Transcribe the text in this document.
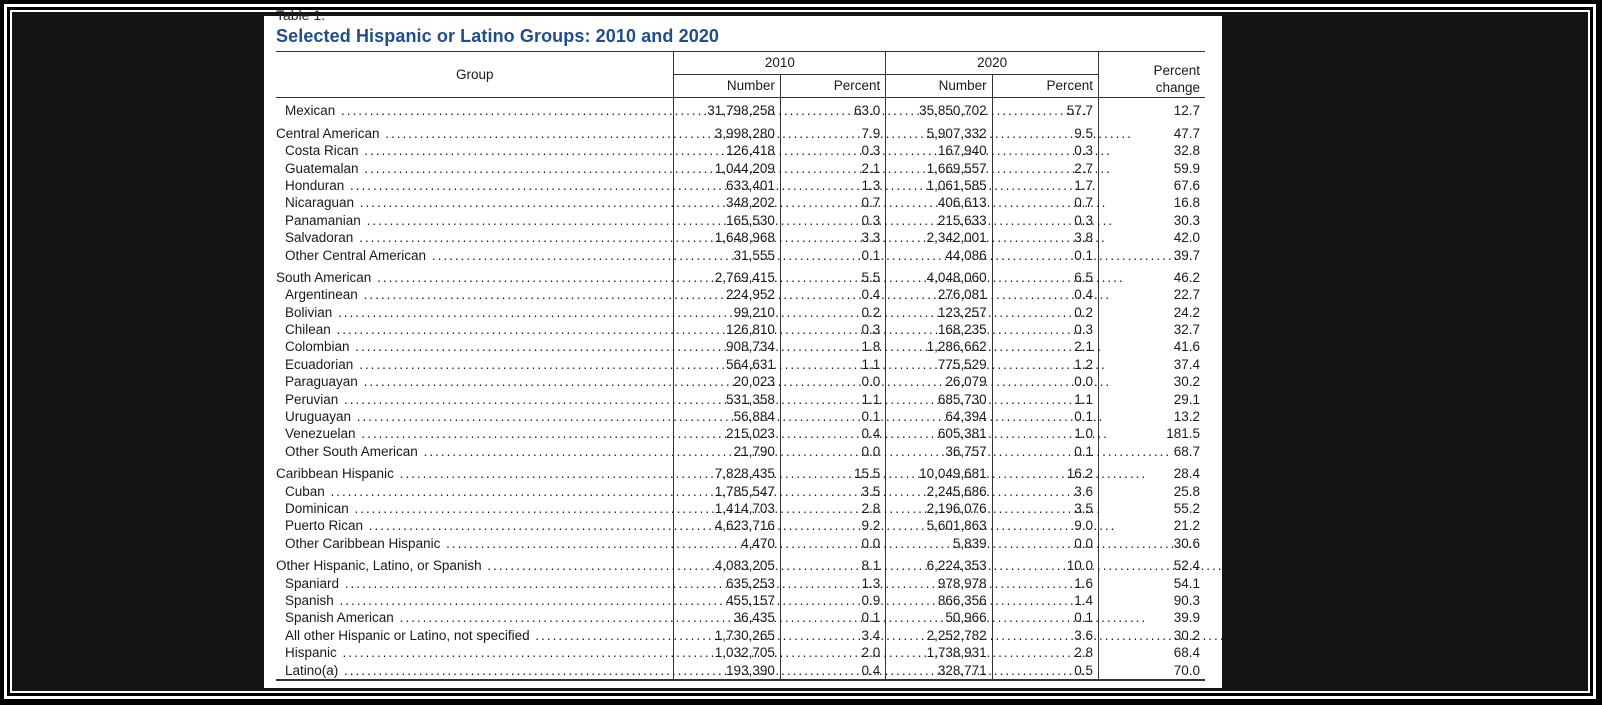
Table 1.
Selected Hispanic or Latino Groups: 2010 and 2020
Group	2010		2020		Percent
change
	Number	Percent	Number	Percent	
Mexican .....	31,798,258	63.0	35,850,702	57.7	12.7
Central American .....	3,998,280	7.9	5,907,332	9.5	47.7
Costa Rican .....	126,418	0.3	167,940	0.3	32.8
Guatemalan .....	1,044,209	2.1	1,669,557	2.7	59.9
Honduran .....	633,401	1.3	1,061,585	1.7	67.6
Nicaraguan .....	348,202	0.7	406,613	0.7	16.8
Panamanian .....	165,530	0.3	215,633	0.3	30.3
Salvadoran .....	1,648,968	3.3	2,342,001	3.8	42.0
Other Central American .....	31,555	0.1	44,086	0.1	39.7
South American .....	2,769,415	5.5	4,048,060	6.5	46.2
Argentinean .....	224,952	0.4	276,081	0.4	22.7
Bolivian .....	99,210	0.2	123,257	0.2	24.2
Chilean .....	126,810	0.3	168,235	0.3	32.7
Colombian .....	908,734	1.8	1,286,662	2.1	41.6
Ecuadorian .....	564,631	1.1	775,529	1.2	37.4
Paraguayan .....	20,023	0.0	26,079	0.0	30.2
Peruvian .....	531,358	1.1	685,730	1.1	29.1
Uruguayan .....	56,884	0.1	64,394	0.1	13.2
Venezuelan .....	215,023	0.4	605,381	1.0	181.5
Other South American .....	21,790	0.0	36,757	0.1	68.7
Caribbean Hispanic .....	7,828,435	15.5	10,049,681	16.2	28.4
Cuban .....	1,785,547	3.5	2,245,686	3.6	25.8
Dominican .....	1,414,703	2.8	2,196,076	3.5	55.2
Puerto Rican .....	4,623,716	9.2	5,601,863	9.0	21.2
Other Caribbean Hispanic .....	4,470	0.0	5,839	0.0	30.6
Other Hispanic, Latino, or Spanish .....	4,083,205	8.1	6,224,353	10.0	52.4
Spaniard .....	635,253	1.3	978,978	1.6	54.1
Spanish .....	455,157	0.9	866,356	1.4	90.3
Spanish American .....	36,435	0.1	50,966	0.1	39.9
All other Hispanic or Latino, not specified .....	1,730,265	3.4	2,252,782	3.6	30.2
Hispanic .....	1,032,705	2.0	1,738,931	2.8	68.4
Latino(a) .....	193,390	0.4	328,771	0.5	70.0
